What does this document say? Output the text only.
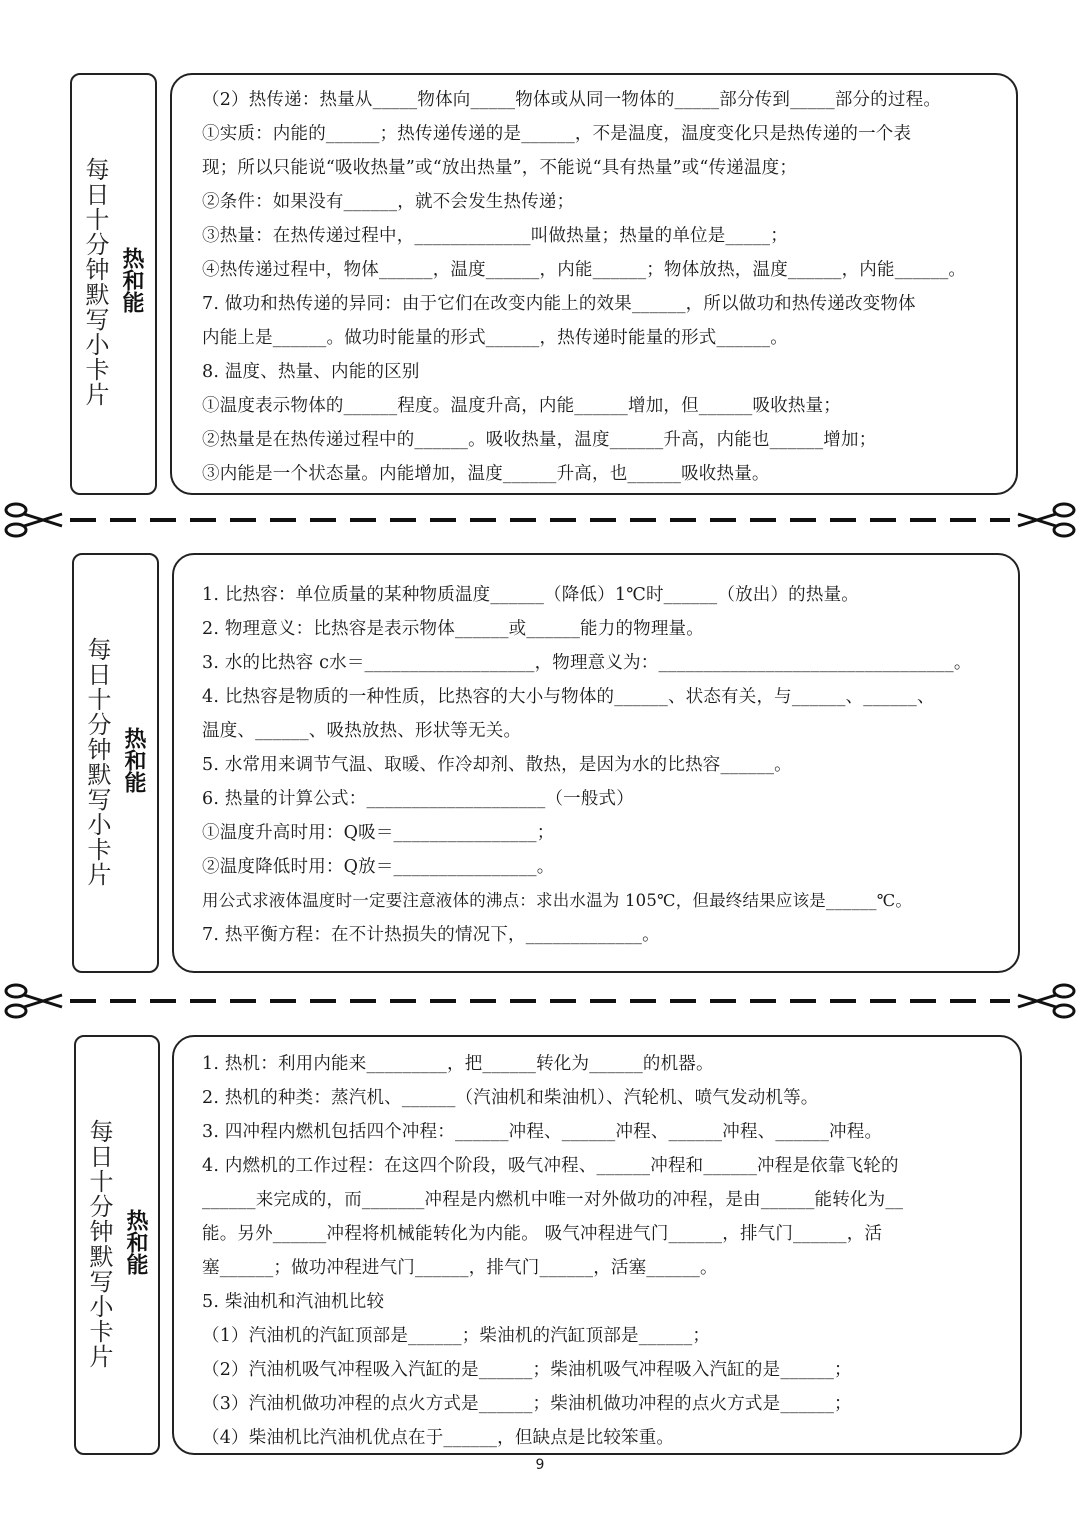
每日十分钟默写小卡片 热和能
（2）热传递：热量从_____物体向_____物体或从同一物体的_____部分传到_____部分的过程。
①实质：内能的______；热传递传递的是______，不是温度，温度变化只是热传递的一个表
现；所以只能说“吸收热量”或“放出热量”，不能说“具有热量”或“传递温度；
②条件：如果没有______，就不会发生热传递；
③热量：在热传递过程中，_____________叫做热量；热量的单位是_____；
④热传递过程中，物体______，温度______，内能______；物体放热，温度______，内能______。
7. 做功和热传递的异同：由于它们在改变内能上的效果______，所以做功和热传递改变物体
内能上是______。做功时能量的形式______，热传递时能量的形式______。
8. 温度、热量、内能的区别
①温度表示物体的______程度。温度升高，内能______增加，但______吸收热量；
②热量是在热传递过程中的______。吸收热量，温度______升高，内能也______增加；
③内能是一个状态量。内能增加，温度______升高，也______吸收热量。
每日十分钟默写小卡片 热和能
1. 比热容：单位质量的某种物质温度______（降低）1℃时______（放出）的热量。
2. 物理意义：比热容是表示物体______或______能力的物理量。
3. 水的比热容 c水＝___________________，物理意义为：_________________________________。
4. 比热容是物质的一种性质，比热容的大小与物体的______、状态有关，与______、______、
温度、______、吸热放热、形状等无关。
5. 水常用来调节气温、取暖、作冷却剂、散热，是因为水的比热容______。
6. 热量的计算公式：____________________（一般式）
①温度升高时用：Q吸＝________________；
②温度降低时用：Q放＝________________。
用公式求液体温度时一定要注意液体的沸点：求出水温为 105℃，但最终结果应该是______℃。
7. 热平衡方程：在不计热损失的情况下，_____________。
每日十分钟默写小卡片 热和能
1. 热机：利用内能来_________，把______转化为______的机器。
2. 热机的种类：蒸汽机、______（汽油机和柴油机）、汽轮机、喷气发动机等。
3. 四冲程内燃机包括四个冲程：______冲程、______冲程、______冲程、______冲程。
4. 内燃机的工作过程：在这四个阶段，吸气冲程、______冲程和______冲程是依靠飞轮的
______来完成的，而_______冲程是内燃机中唯一对外做功的冲程，是由______能转化为__
能。另外______冲程将机械能转化为内能。 吸气冲程进气门______，排气门______，活
塞______；做功冲程进气门______，排气门______，活塞______。
5. 柴油机和汽油机比较
（1）汽油机的汽缸顶部是______；柴油机的汽缸顶部是______；
（2）汽油机吸气冲程吸入汽缸的是______；柴油机吸气冲程吸入汽缸的是______；
（3）汽油机做功冲程的点火方式是______；柴油机做功冲程的点火方式是______；
（4）柴油机比汽油机优点在于______，但缺点是比较笨重。
9
